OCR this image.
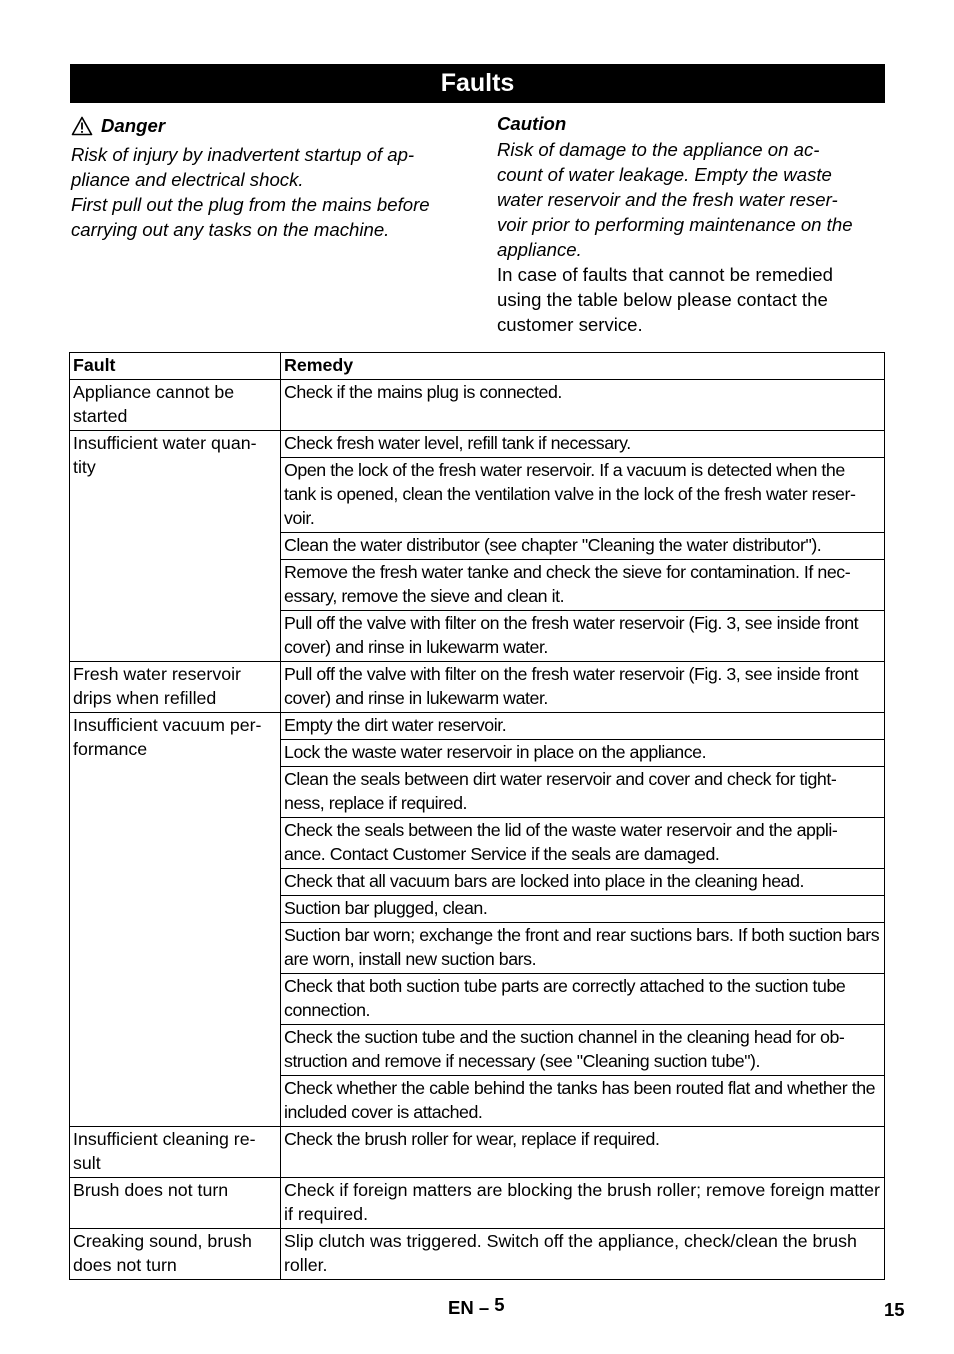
Faults
Danger
Risk of injury by inadvertent startup of ap-
pliance and electrical shock.
First pull out the plug from the mains before
carrying out any tasks on the machine.
Caution
Risk of damage to the appliance on ac-
count of water leakage. Empty the waste
water reservoir and the fresh water reser-
voir prior to performing maintenance on the
appliance.
In case of faults that cannot be remedied
using the table below please contact the
customer service.
Fault	Remedy
Appliance cannot be started	Check if the mains plug is connected.
Insufficient water quan- tity	Check fresh water level, refill tank if necessary.
	Open the lock of the fresh water reservoir. If a vacuum is detected when the tank is opened, clean the ventilation valve in the lock of the fresh water reser- voir.
	Clean the water distributor (see chapter "Cleaning the water distributor").
	Remove the fresh water tanke and check the sieve for contamination. If nec- essary, remove the sieve and clean it.
	Pull off the valve with filter on the fresh water reservoir (Fig. 3, see inside front cover) and rinse in lukewarm water.
Fresh water reservoir drips when refilled	Pull off the valve with filter on the fresh water reservoir (Fig. 3, see inside front cover) and rinse in lukewarm water.
Insufficient vacuum per- formance	Empty the dirt water reservoir.
	Lock the waste water reservoir in place on the appliance.
	Clean the seals between dirt water reservoir and cover and check for tight- ness, replace if required.
	Check the seals between the lid of the waste water reservoir and the appli- ance. Contact Customer Service if the seals are damaged.
	Check that all vacuum bars are locked into place in the cleaning head.
	Suction bar plugged, clean.
	Suction bar worn; exchange the front and rear suctions bars. If both suction bars are worn, install new suction bars.
	Check that both suction tube parts are correctly attached to the suction tube connection.
	Check the suction tube and the suction channel in the cleaning head for ob- struction and remove if necessary (see "Cleaning suction tube").
	Check whether the cable behind the tanks has been routed flat and whether the included cover is attached.
Insufficient cleaning re- sult	Check the brush roller for wear, replace if required.
Brush does not turn	Check if foreign matters are blocking the brush roller; remove foreign matter if required.
Creaking sound, brush does not turn	Slip clutch was triggered. Switch off the appliance, check/clean the brush roller.
EN – 5	15
